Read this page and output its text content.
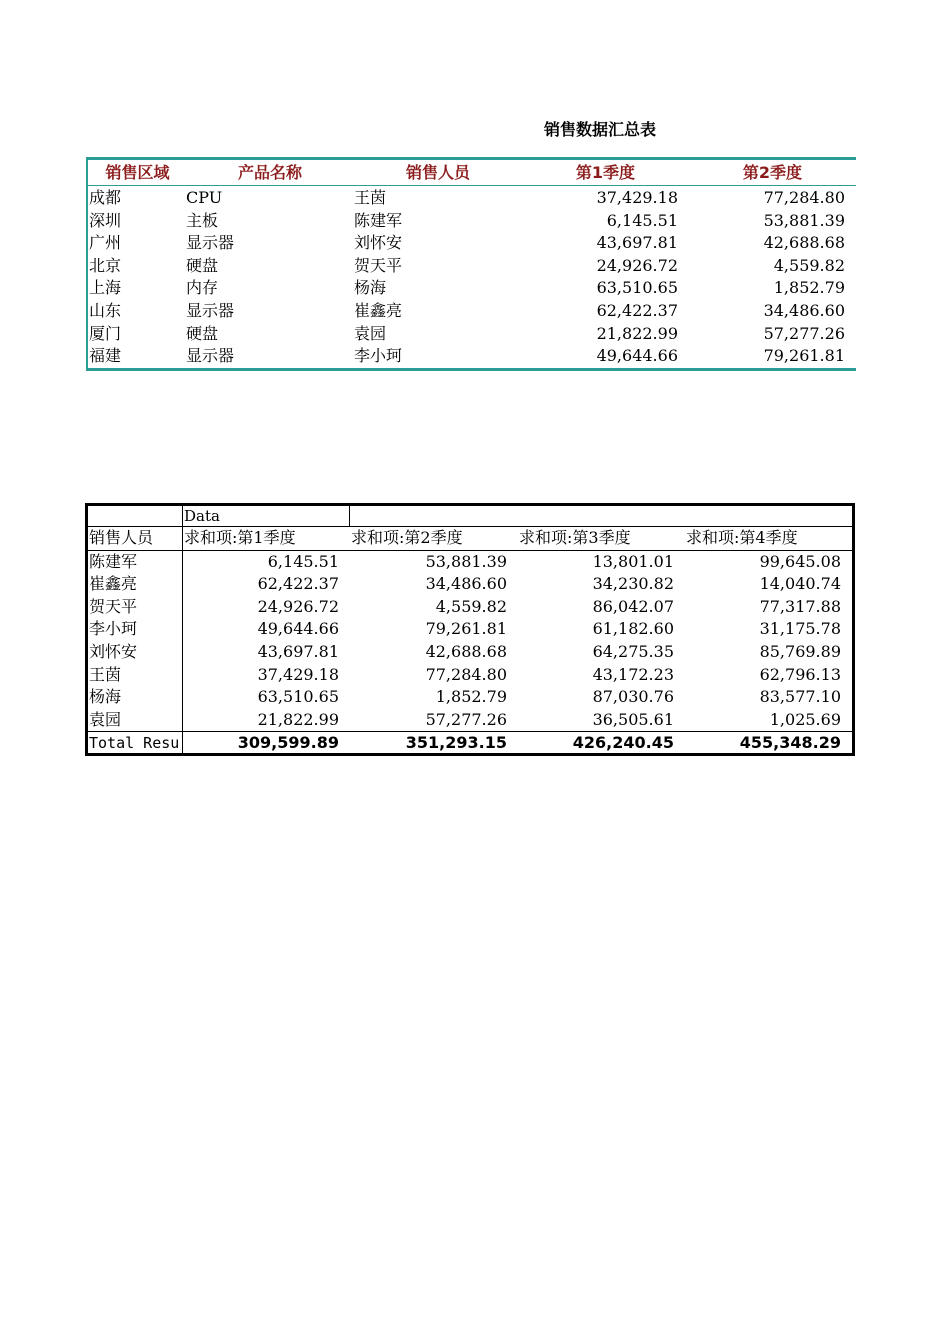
销售数据汇总表
销售区域	产品名称	销售人员	第1季度	第2季度
成都	CPU	王茵	37,429.18	77,284.80
深圳	主板	陈建军	6,145.51	53,881.39
广州	显示器	刘怀安	43,697.81	42,688.68
北京	硬盘	贺天平	24,926.72	4,559.82
上海	内存	杨海	63,510.65	1,852.79
山东	显示器	崔鑫亮	62,422.37	34,486.60
厦门	硬盘	袁园	21,822.99	57,277.26
福建	显示器	李小珂	49,644.66	79,261.81
Data
销售人员	求和项:第1季度	求和项:第2季度	求和项:第3季度	求和项:第4季度
陈建军	6,145.51	53,881.39	13,801.01	99,645.08
崔鑫亮	62,422.37	34,486.60	34,230.82	14,040.74
贺天平	24,926.72	4,559.82	86,042.07	77,317.88
李小珂	49,644.66	79,261.81	61,182.60	31,175.78
刘怀安	43,697.81	42,688.68	64,275.35	85,769.89
王茵	37,429.18	77,284.80	43,172.23	62,796.13
杨海	63,510.65	1,852.79	87,030.76	83,577.10
袁园	21,822.99	57,277.26	36,505.61	1,025.69
Total Resu	309,599.89	351,293.15	426,240.45	455,348.29
